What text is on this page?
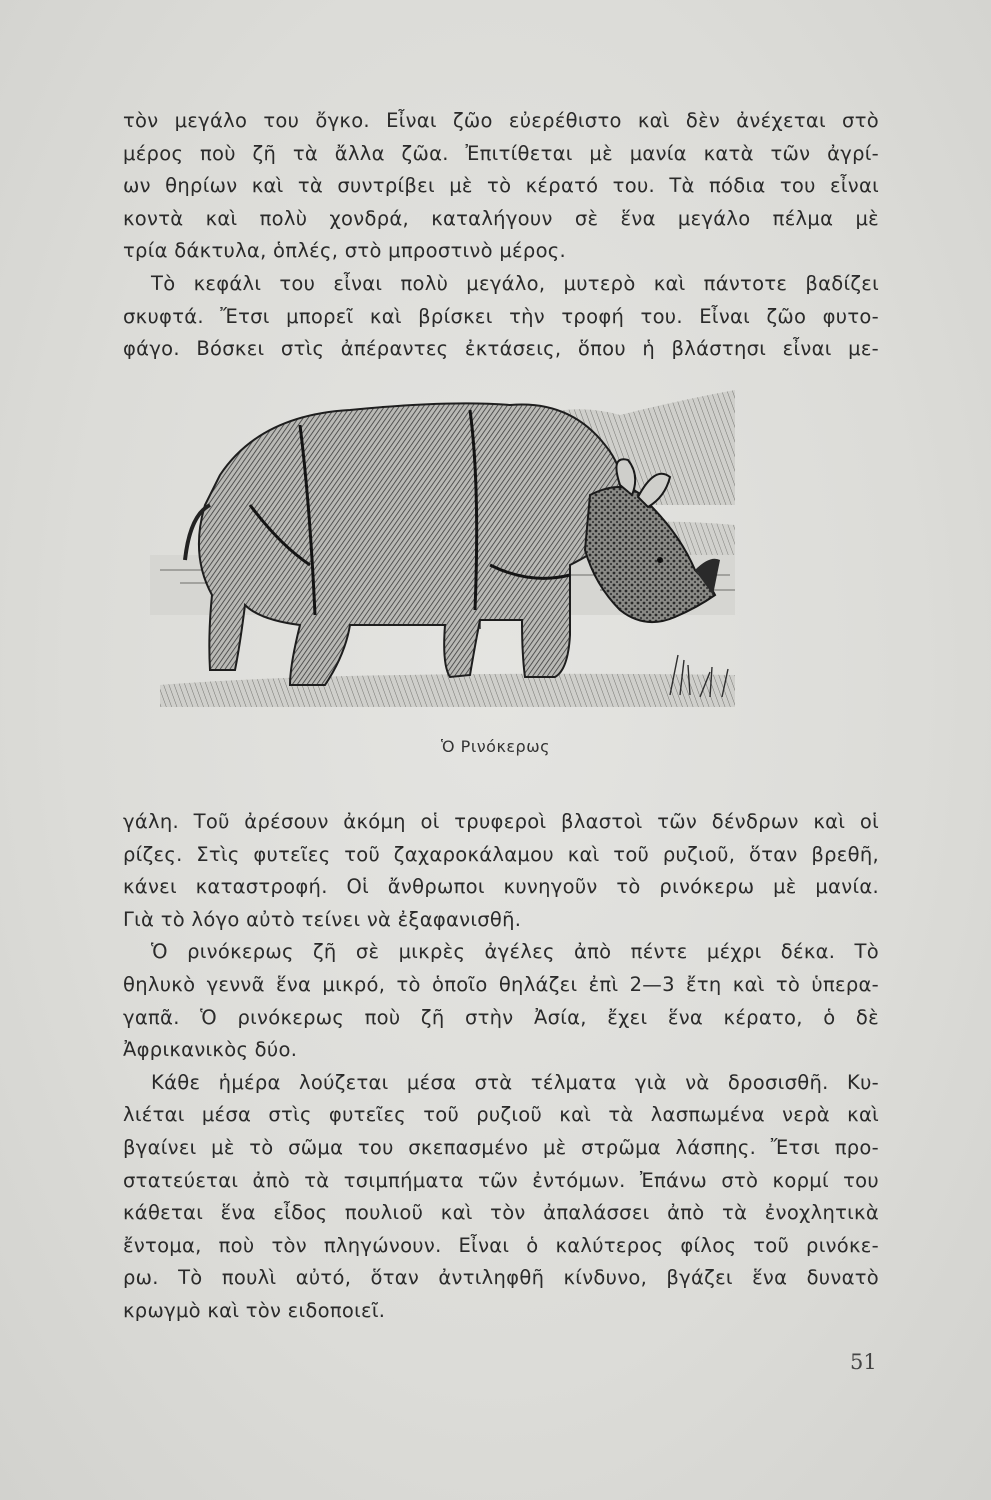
τὸν μεγάλο του ὄγκο. Εἶναι ζῶο εὐερέθιστο καὶ δὲν ἀνέχεται στὸ
μέρος ποὺ ζῆ τὰ ἄλλα ζῶα. Ἐπιτίθεται μὲ μανία κατὰ τῶν ἀγρί-
ων θηρίων καὶ τὰ συντρίβει μὲ τὸ κέρατό του. Τὰ πόδια του εἶναι
κοντὰ καὶ πολὺ χονδρά, καταλήγουν σὲ ἕνα μεγάλο πέλμα μὲ
τρία δάκτυλα, ὁπλές, στὸ μπροστινὸ μέρος.
Τὸ κεφάλι του εἶναι πολὺ μεγάλο, μυτερὸ καὶ πάντοτε βαδίζει
σκυφτά. Ἔτσι μπορεῖ καὶ βρίσκει τὴν τροφή του. Εἶναι ζῶο φυτο-
φάγο. Βόσκει στὶς ἀπέραντες ἐκτάσεις, ὅπου ἡ βλάστησι εἶναι με-
Ὁ Ρινόκερως
γάλη. Τοῦ ἀρέσουν ἀκόμη οἱ τρυφεροὶ βλαστοὶ τῶν δένδρων καὶ οἱ
ρίζες. Στὶς φυτεῖες τοῦ ζαχαροκάλαμου καὶ τοῦ ρυζιοῦ, ὅταν βρεθῆ,
κάνει καταστροφή. Οἱ ἄνθρωποι κυνηγοῦν τὸ ρινόκερω μὲ μανία.
Γιὰ τὸ λόγο αὐτὸ τείνει νὰ ἐξαφανισθῆ.
Ὁ ρινόκερως ζῆ σὲ μικρὲς ἀγέλες ἀπὸ πέντε μέχρι δέκα. Τὸ
θηλυκὸ γεννᾶ ἕνα μικρό, τὸ ὁποῖο θηλάζει ἐπὶ 2—3 ἔτη καὶ τὸ ὑπερα-
γαπᾶ. Ὁ ρινόκερως ποὺ ζῆ στὴν Ἀσία, ἔχει ἕνα κέρατο, ὁ δὲ
Ἀφρικανικὸς δύο.
Κάθε ἡμέρα λούζεται μέσα στὰ τέλματα γιὰ νὰ δροσισθῆ. Κυ-
λιέται μέσα στὶς φυτεῖες τοῦ ρυζιοῦ καὶ τὰ λασπωμένα νερὰ καὶ
βγαίνει μὲ τὸ σῶμα του σκεπασμένο μὲ στρῶμα λάσπης. Ἔτσι προ-
στατεύεται ἀπὸ τὰ τσιμπήματα τῶν ἐντόμων. Ἐπάνω στὸ κορμί του
κάθεται ἕνα εἶδος πουλιοῦ καὶ τὸν ἀπαλάσσει ἀπὸ τὰ ἐνοχλητικὰ
ἔντομα, ποὺ τὸν πληγώνουν. Εἶναι ὁ καλύτερος φίλος τοῦ ρινόκε-
ρω. Τὸ πουλὶ αὐτό, ὅταν ἀντιληφθῆ κίνδυνο, βγάζει ἕνα δυνατὸ
κρωγμὸ καὶ τὸν ειδοποιεῖ.
51
